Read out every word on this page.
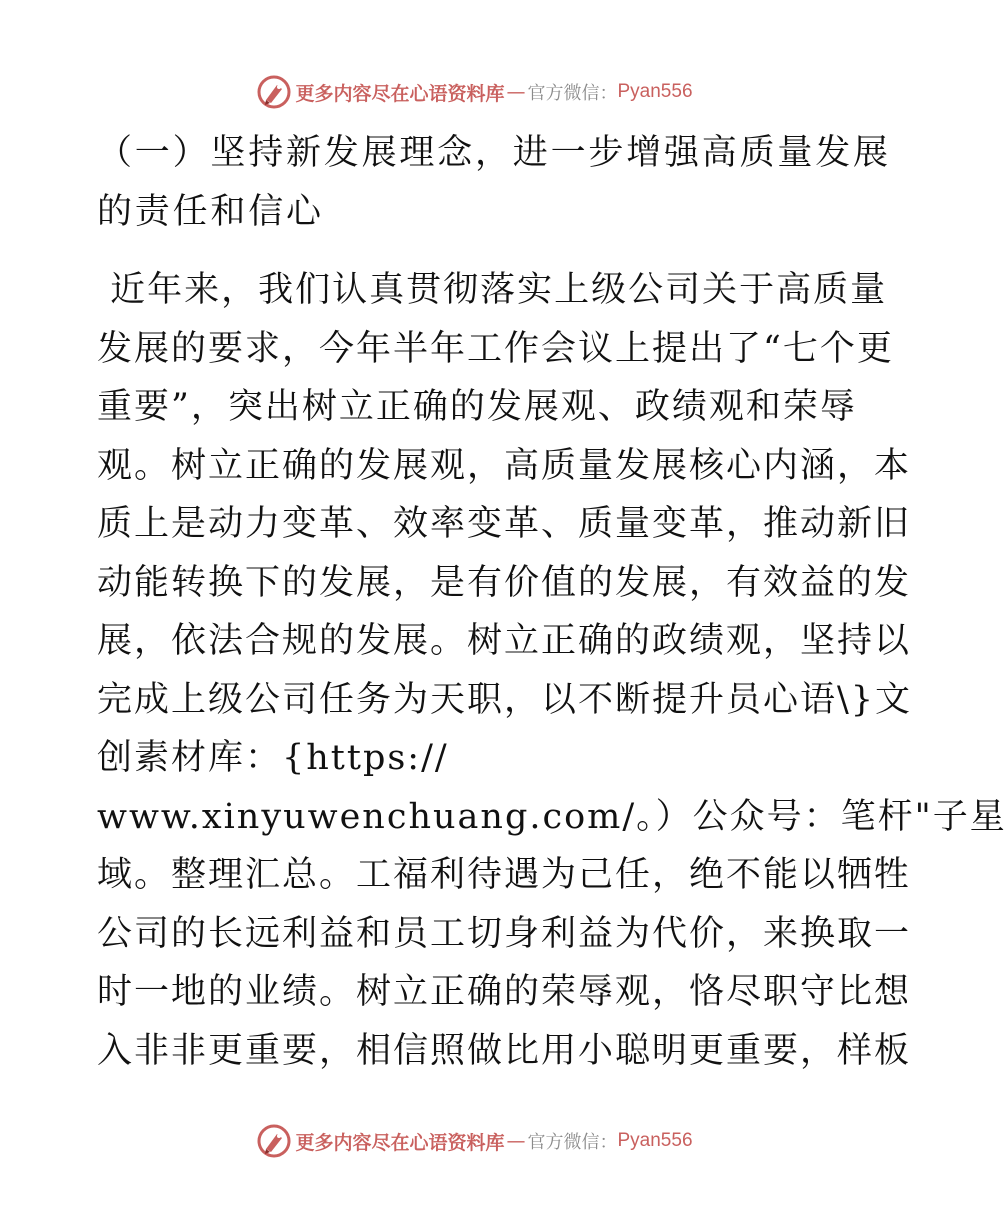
更多内容尽在心语资料库 — 官方微信： Pyan556
（一）坚持新发展理念，进一步增强高质量发展
的责任和信心
近年来，我们认真贯彻落实上级公司关于高质量
发展的要求，今年半年工作会议上提出了“七个更
重要”，突出树立正确的发展观、政绩观和荣辱
观。树立正确的发展观，高质量发展核心内涵，本
质上是动力变革、效率变革、质量变革，推动新旧
动能转换下的发展，是有价值的发展，有效益的发
展，依法合规的发展。树立正确的政绩观，坚持以
完成上级公司任务为天职，以不断提升员心语\}文
创素材库：{https://
www.xinyuwenchuang.com/。）公众号：笔杆"子星
域。整理汇总。工福利待遇为己任，绝不能以牺牲
公司的长远利益和员工切身利益为代价，来换取一
时一地的业绩。树立正确的荣辱观，恪尽职守比想
入非非更重要，相信照做比用小聪明更重要，样板
更多内容尽在心语资料库 — 官方微信： Pyan556
